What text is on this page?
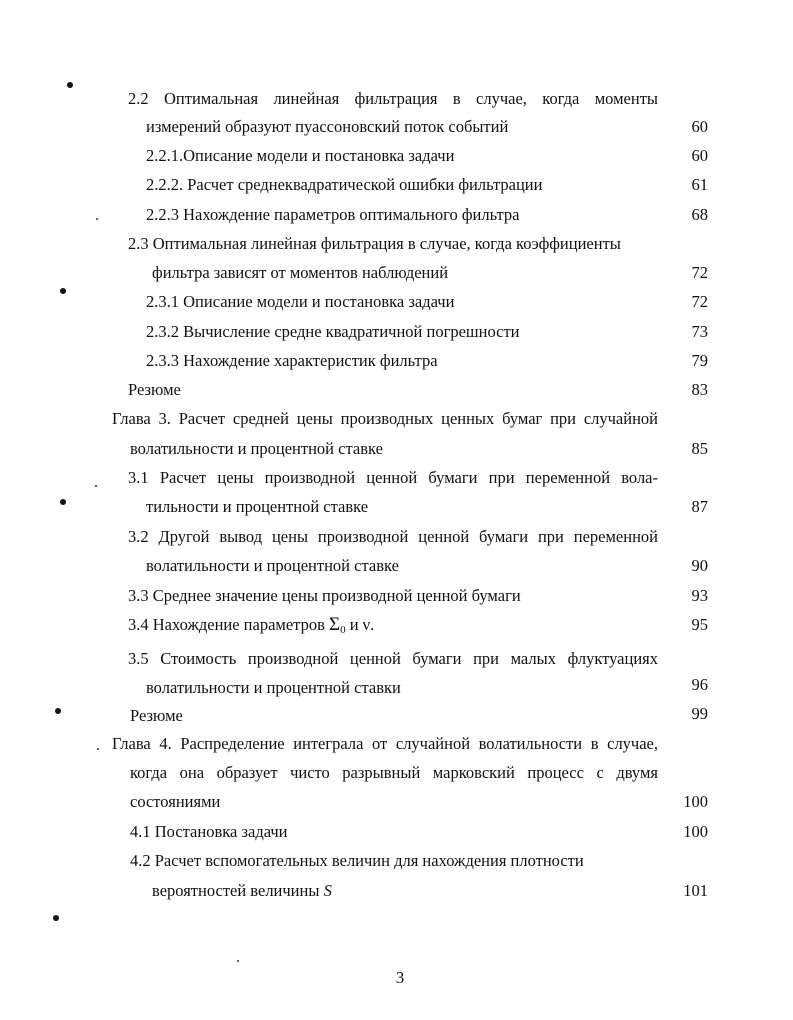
2.2 Оптимальная линейная фильтрация в случае, когда моменты
измерений образуют пуассоновский поток событий	60
2.2.1.Описание модели и постановка задачи	60
2.2.2. Расчет среднеквадратической ошибки фильтрации	61
2.2.3 Нахождение параметров оптимального фильтра	68
2.3 Оптимальная линейная фильтрация в случае, когда коэффициенты
фильтра зависят от моментов наблюдений	72
2.3.1 Описание модели и постановка задачи	72
2.3.2 Вычисление средне квадратичной погрешности	73
2.3.3 Нахождение характеристик фильтра	79
Резюме	83
Глава 3. Расчет средней цены производных ценных бумаг при случайной
волатильности и процентной ставке	85
3.1 Расчет цены производной ценной бумаги при переменной вола-
тильности и процентной ставке	87
3.2 Другой вывод цены производной ценной бумаги при переменной
волатильности и процентной ставке	90
3.3 Среднее значение цены производной ценной бумаги	93
3.4 Нахождение параметров $\Sigma_0$ и ν.	95
3.5 Стоимость производной ценной бумаги при малых флуктуациях
волатильности и процентной ставки	96
Резюме	99
Глава 4. Распределение интеграла от случайной волатильности в случае,
когда она образует чисто разрывный марковский процесс с двумя
состояниями	100
4.1 Постановка задачи	100
4.2 Расчет вспомогательных величин для нахождения плотности
вероятностей величины S	101
3
